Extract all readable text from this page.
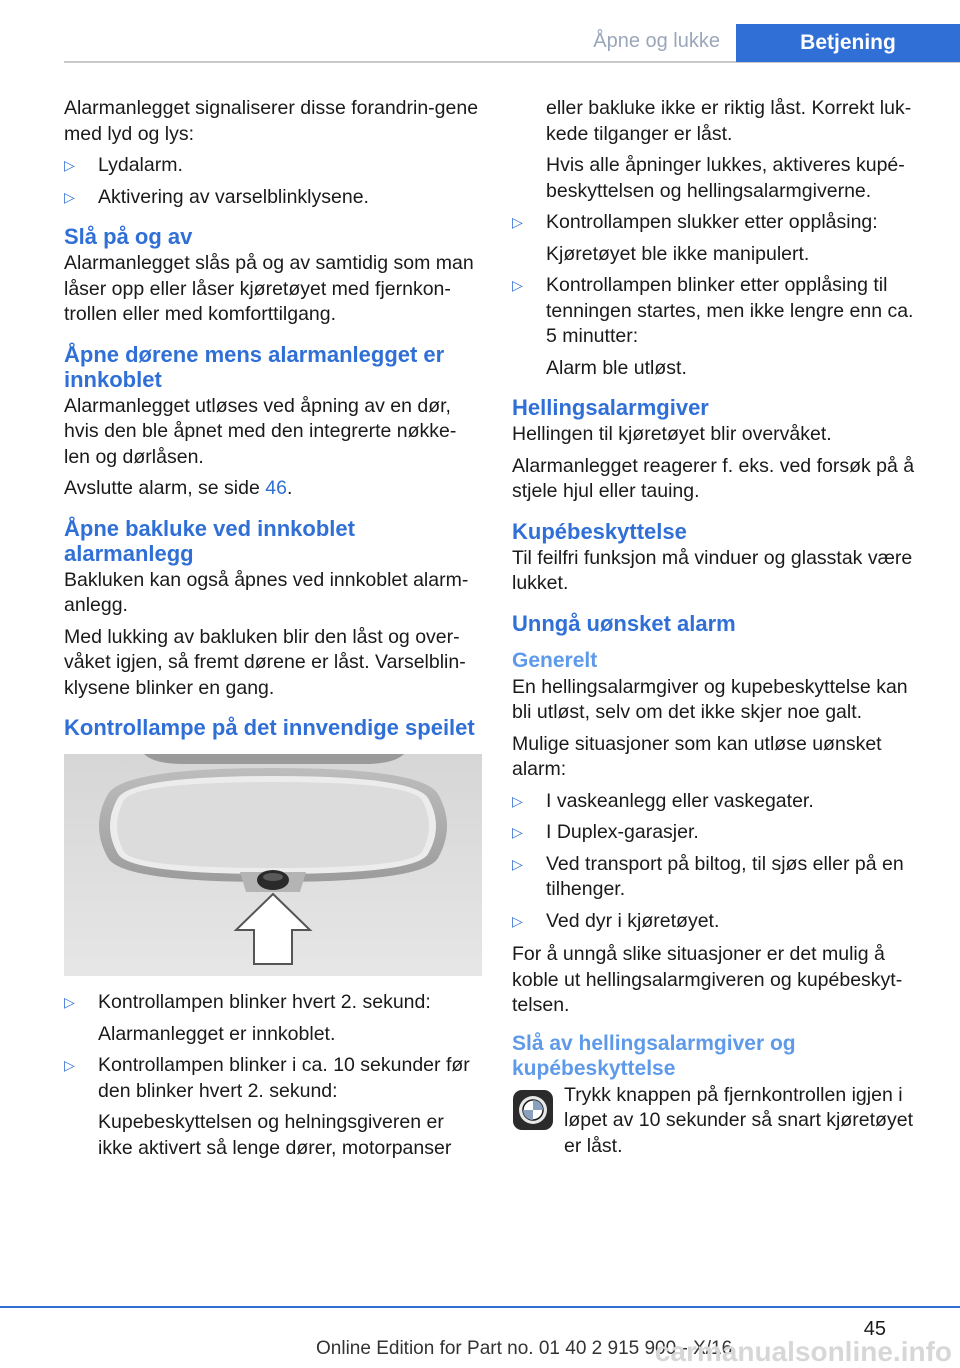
Åpne og lukke	Betjening

Alarmanlegget signaliserer disse forandrin-gene med lyd og lys:

▷ Lydalarm.
▷ Aktivering av varselblinklysene.
Slå på og av

Alarmanlegget slås på og av samtidig som man låser opp eller låser kjøretøyet med fjernkon-trollen eller med komforttilgang.

Åpne dørene mens alarmanlegget er innkoblet

Alarmanlegget utløses ved åpning av en dør, hvis den ble åpnet med den integrerte nøkke-len og dørlåsen.

Avslutte alarm, se side 46.

Åpne bakluke ved innkoblet alarmanlegg

Bakluken kan også åpnes ved innkoblet alarm-anlegg.

Med lukking av bakluken blir den låst og over-våket igjen, så fremt dørene er låst. Varselblin-klysene blinker en gang.

Kontrollampe på det innvendige speilet
▷ Kontrollampen blinker hvert 2. sekund:
Alarmanlegget er innkoblet.
▷ Kontrollampen blinker i ca. 10 sekunder før den blinker hvert 2. sekund:
Kupebeskyttelsen og helningsgiveren er ikke aktivert så lenge dører, motorpanser

eller bakluke ikke er riktig låst. Korrekt luk-kede tilganger er låst.

Hvis alle åpninger lukkes, aktiveres kupé-beskyttelsen og hellingsalarmgiverne.

▷ Kontrollampen slukker etter opplåsing:
Kjøretøyet ble ikke manipulert.
▷ Kontrollampen blinker etter opplåsing til tenningen startes, men ikke lengre enn ca. 5 minutter:
Alarm ble utløst.
Hellingsalarmgiver

Hellingen til kjøretøyet blir overvåket.

Alarmanlegget reagerer f. eks. ved forsøk på å stjele hjul eller tauing.

Kupébeskyttelse

Til feilfri funksjon må vinduer og glasstak være lukket.

Unngå uønsket alarm
Generelt

En hellingsalarmgiver og kupebeskyttelse kan bli utløst, selv om det ikke skjer noe galt.

Mulige situasjoner som kan utløse uønsket alarm:

▷ I vaskeanlegg eller vaskegater.
▷ I Duplex-garasjer.
▷ Ved transport på biltog, til sjøs eller på en tilhenger.
▷ Ved dyr i kjøretøyet.

For å unngå slike situasjoner er det mulig å koble ut hellingsalarmgiveren og kupébeskyt-telsen.

Slå av hellingsalarmgiver og kupébeskyttelse

Trykk knappen på fjernkontrollen igjen i løpet av 10 sekunder så snart kjøretøyet er låst.

45
Online Edition for Part no. 01 40 2 915 900 - X/16
carmanualsonline.info
